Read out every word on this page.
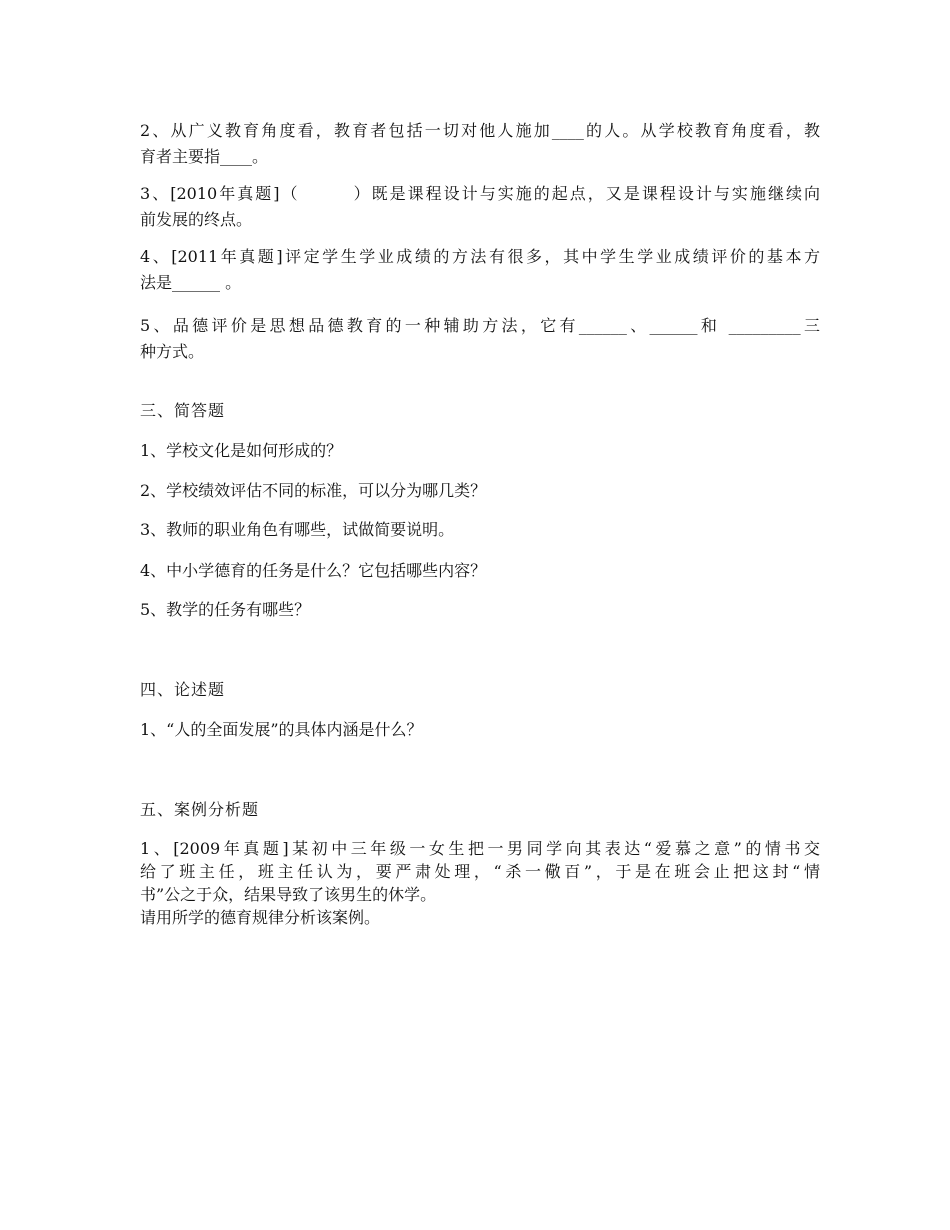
2、从广义教育角度看，教育者包括一切对他人施加____的人。从学校教育角度看，教
育者主要指____。
3、[2010年真题]（　　　）既是课程设计与实施的起点，又是课程设计与实施继续向
前发展的终点。
4、[2011年真题]评定学生学业成绩的方法有很多，其中学生学业成绩评价的基本方
法是______ 。
5、品德评价是思想品德教育的一种辅助方法，它有______、______和 _________三
种方式。
三、简答题
1、学校文化是如何形成的？
2、学校绩效评估不同的标准，可以分为哪几类？
3、教师的职业角色有哪些，试做简要说明。
4、中小学德育的任务是什么？它包括哪些内容？
5、教学的任务有哪些？
四、论述题
1、“人的全面发展”的具体内涵是什么？
五、案例分析题
1、[2009年真题]某初中三年级一女生把一男同学向其表达“爱慕之意”的情书交
给了班主任，班主任认为，要严肃处理，“杀一儆百”，于是在班会止把这封“情
书”公之于众，结果导致了该男生的休学。
请用所学的德育规律分析该案例。
